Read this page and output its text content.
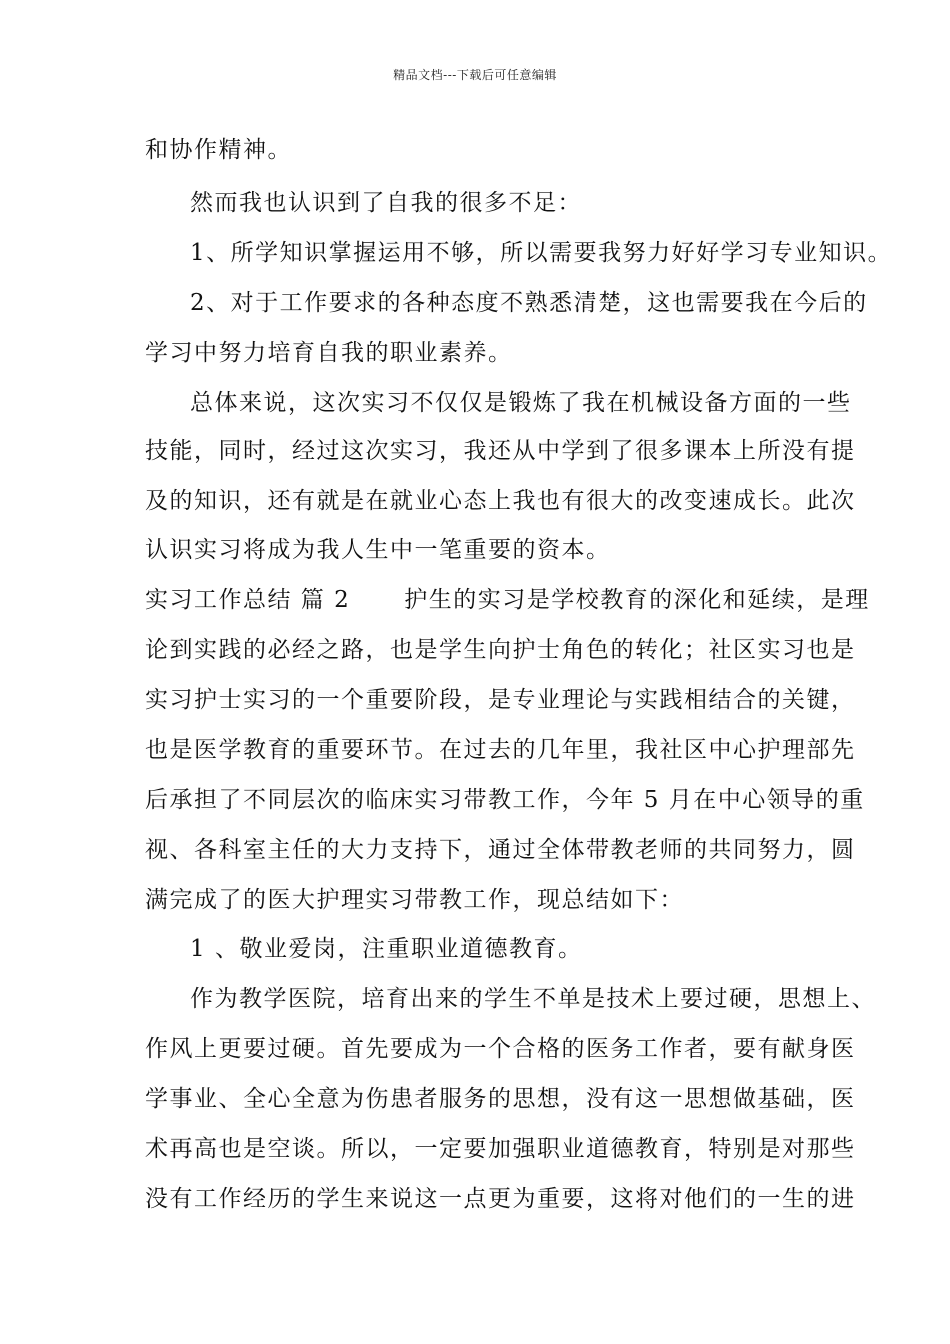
精品文档---下载后可任意编辑
和协作精神。
然而我也认识到了自我的很多不足：
1、所学知识掌握运用不够，所以需要我努力好好学习专业知识。
2、对于工作要求的各种态度不熟悉清楚，这也需要我在今后的
学习中努力培育自我的职业素养。
总体来说，这次实习不仅仅是锻炼了我在机械设备方面的一些
技能，同时，经过这次实习，我还从中学到了很多课本上所没有提
及的知识，还有就是在就业心态上我也有很大的改变速成长。此次
认识实习将成为我人生中一笔重要的资本。
实习工作总结 篇 2 护生的实习是学校教育的深化和延续，是理
论到实践的必经之路，也是学生向护士角色的转化；社区实习也是
实习护士实习的一个重要阶段，是专业理论与实践相结合的关键，
也是医学教育的重要环节。在过去的几年里，我社区中心护理部先
后承担了不同层次的临床实习带教工作，今年 5 月在中心领导的重
视、各科室主任的大力支持下，通过全体带教老师的共同努力，圆
满完成了的医大护理实习带教工作，现总结如下：
1 、敬业爱岗，注重职业道德教育。
作为教学医院，培育出来的学生不单是技术上要过硬，思想上、
作风上更要过硬。首先要成为一个合格的医务工作者，要有献身医
学事业、全心全意为伤患者服务的思想，没有这一思想做基础，医
术再高也是空谈。所以，一定要加强职业道德教育，特别是对那些
没有工作经历的学生来说这一点更为重要，这将对他们的一生的进
